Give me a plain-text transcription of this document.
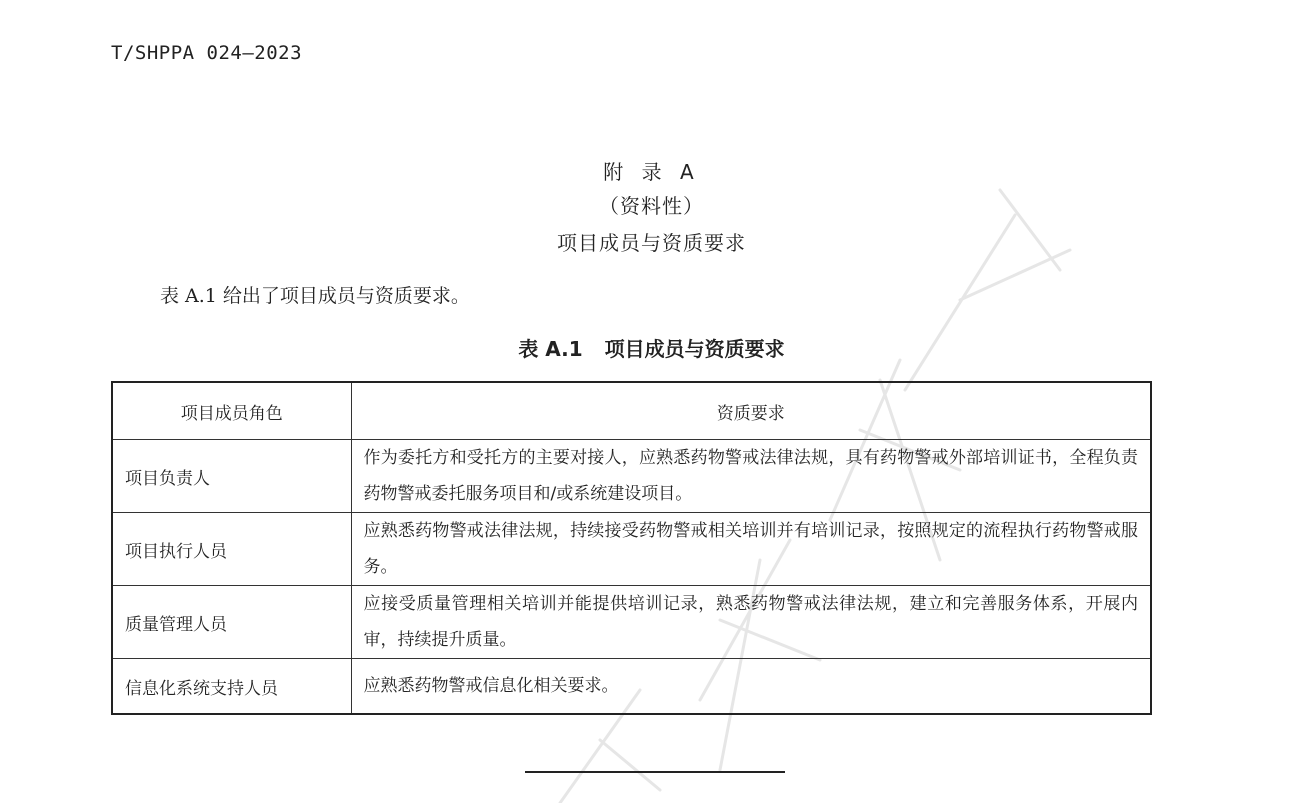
T/SHPPA 024—2023
附 录 A
（资料性）
项目成员与资质要求
表 A.1 给出了项目成员与资质要求。
表 A.1 项目成员与资质要求
项目成员角色	资质要求
项目负责人	作为委托方和受托方的主要对接人，应熟悉药物警戒法律法规，具有药物警戒外部培训证书，全程负责药物警戒委托服务项目和/或系统建设项目。
项目执行人员	应熟悉药物警戒法律法规，持续接受药物警戒相关培训并有培训记录，按照规定的流程执行药物警戒服务。
质量管理人员	应接受质量管理相关培训并能提供培训记录，熟悉药物警戒法律法规，建立和完善服务体系，开展内审，持续提升质量。
信息化系统支持人员	应熟悉药物警戒信息化相关要求。
